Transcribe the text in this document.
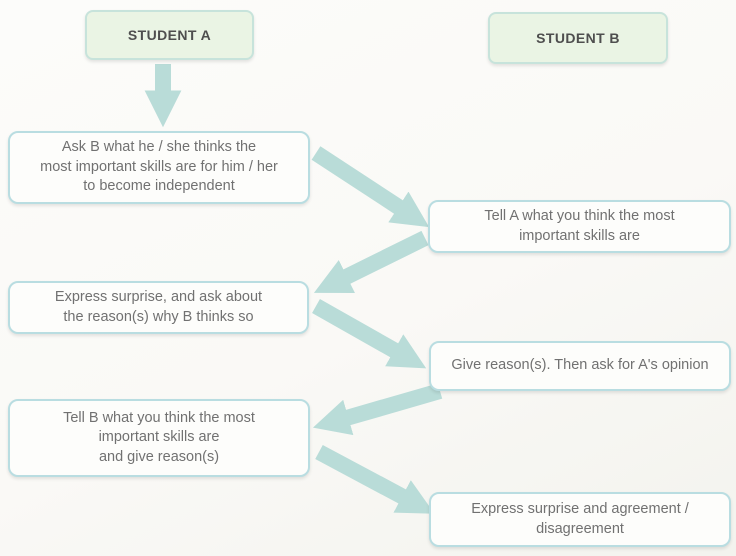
STUDENT A	STUDENT B
Ask B what he / she thinks the
most important skills are for him / her
to become independent
Tell A what you think the most
important skills are
Express surprise, and ask about
the reason(s) why B thinks so
Give reason(s). Then ask for A's opinion
Tell B what you think the most
important skills are
and give reason(s)
Express surprise and agreement /
disagreement
